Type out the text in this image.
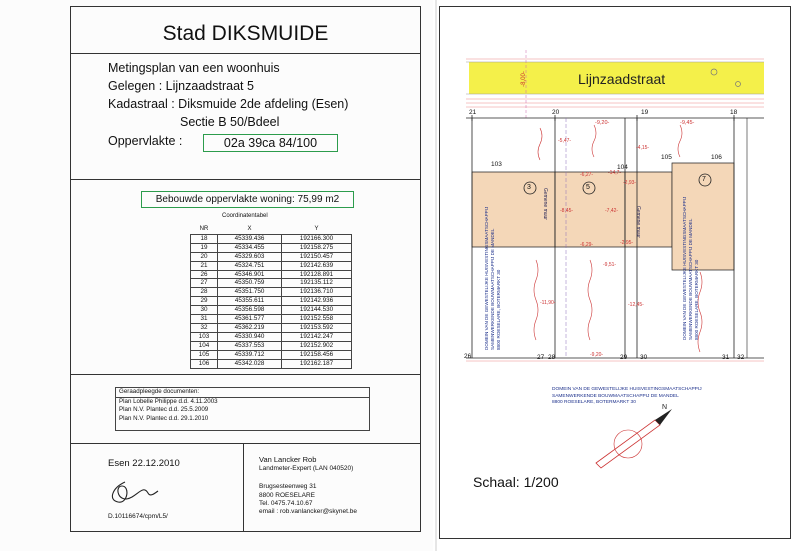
Stad DIKSMUIDE
Metingsplan van een woonhuis
Gelegen : Lijnzaadstraat 5
Kadastraal : Diksmuide 2de afdeling (Esen)
Sectie B 50/Bdeel
Oppervlakte :	02a 39ca 84/100
Bebouwde oppervlakte woning: 75,99 m2
Coordinatentabel
NR	X	Y
18	45339.436	192166.300
19	45334.455	192158.275
20	45329.603	192150.457
21	45324.751	192142.639
26	45346.901	192128.891
27	45350.759	192135.112
28	45351.750	192136.710
29	45355.611	192142.936
30	45356.598	192144.530
31	45361.577	192152.558
32	45362.219	192153.592
103	45330.940	192142.247
104	45337.553	192152.902
105	45339.712	192158.456
106	45342.028	192162.187
Geraadpleegde documenten:
Plan Lobelle Philippe d.d. 4.11.2003
Plan N.V. Plantec d.d. 25.5.2009
Plan N.V. Plantec d.d. 29.1.2010
Esen 22.12.2010
D.10116674/cpm/L5/
Van Lancker Rob
Landmeter-Expert (LAN 040520)
Brugsesteenweg 31
8800 ROESELARE
Tel. 0475.74.10.67
email : rob.vanlancker@skynet.be
Lijnzaadstraat
-8,00-
21	20	19	18
-9,20-	-9,45-
103	104
105	106
3	5
7
-5,47-
-6,27-
-2,93-
-14,7-
-8,45-	-7,42-
-6,29-	-2,95-
-4,15-
-9,51-
-11,90-	-12,45-
-9,20-
Gemene muur
Gemene muur
DOMEIN VAN DE GEWESTELIJKE HUISVESTINGSMAATSCHAPPIJ SAMENWERKENDE BOUWMAATSCHAPPIJ DE MANDEL 8800 ROESELARE, BOTERMARKT 30	DOMEIN VAN DE GEWESTELIJKE HUISVESTINGSMAATSCHAPPIJ SAMENWERKENDE BOUWMAATSCHAPPIJ DE MANDEL 8800 ROESELARE, BOTERMARKT 30
26	27 28	29 30	31 32
DOMEIN VAN DE GEWESTELIJKE HUISVESTINGSMAATSCHAPPIJ
SAMENWERKENDE BOUWMAATSCHAPPIJ DE MANDEL
8800 ROESELARE, BOTERMARKT 30
N
Schaal: 1/200
